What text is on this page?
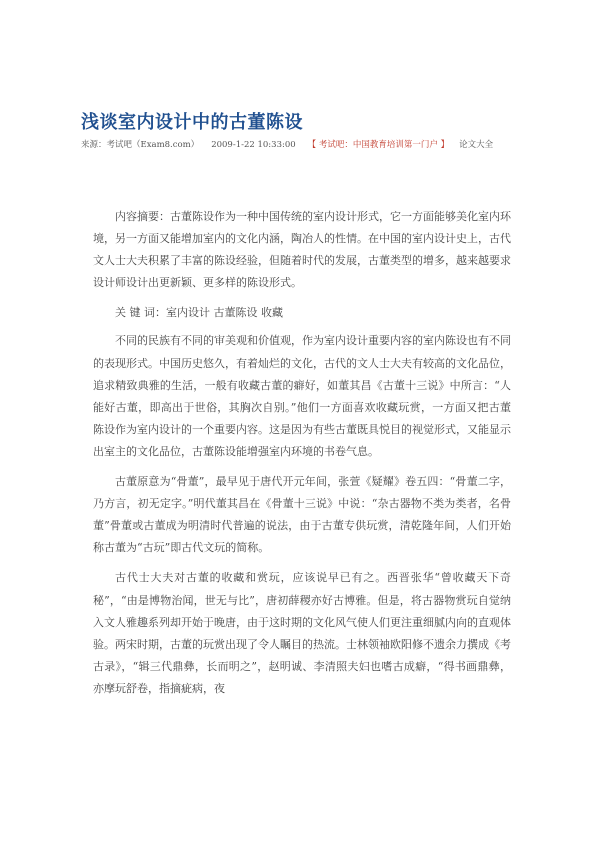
浅谈室内设计中的古董陈设
来源：考试吧（Exam8.com） 2009-1-22 10:33:00 【 考试吧：中国教育培训第一门户 】 论文大全

内容摘要：古董陈设作为一种中国传统的室内设计形式，它一方面能够美化室内环境，另一方面又能增加室内的文化内涵，陶冶人的性情。在中国的室内设计史上，古代文人士大夫积累了丰富的陈设经验，但随着时代的发展，古董类型的增多，越来越要求设计师设计出更新颖、更多样的陈设形式。

关 键 词：室内设计 古董陈设 收藏

不同的民族有不同的审美观和价值观，作为室内设计重要内容的室内陈设也有不同的表现形式。中国历史悠久，有着灿烂的文化，古代的文人士大夫有较高的文化品位，追求精致典雅的生活，一般有收藏古董的癖好，如董其昌《古董十三说》中所言：“人能好古董，即高出于世俗，其胸次自别。”他们一方面喜欢收藏玩赏，一方面又把古董陈设作为室内设计的一个重要内容。这是因为有些古董既具悦目的视觉形式，又能显示出室主的文化品位，古董陈设能增强室内环境的书卷气息。

古董原意为“骨董”，最早见于唐代开元年间，张萱《疑耀》卷五四：“骨董二字，乃方言，初无定字。”明代董其昌在《骨董十三说》中说：“杂古器物不类为类者，名骨董”骨董或古董成为明清时代普遍的说法，由于古董专供玩赏，清乾隆年间，人们开始称古董为“古玩”即古代文玩的简称。

古代士大夫对古董的收藏和赏玩，应该说早已有之。西晋张华“曾收藏天下奇秘”，“由是博物治闻，世无与比”，唐初薛稷亦好古博雅。但是，将古器物赏玩自觉纳入文人雅趣系列却开始于晚唐，由于这时期的文化风气使人们更注重细腻内向的直观体验。两宋时期，古董的玩赏出现了令人瞩目的热流。士林领袖欧阳修不遗余力撰成《考古录》，“辑三代鼎彝，长而明之”，赵明诚、李清照夫妇也嗜古成癖，“得书画鼎彝，亦摩玩舒卷，指摘疵病，夜
